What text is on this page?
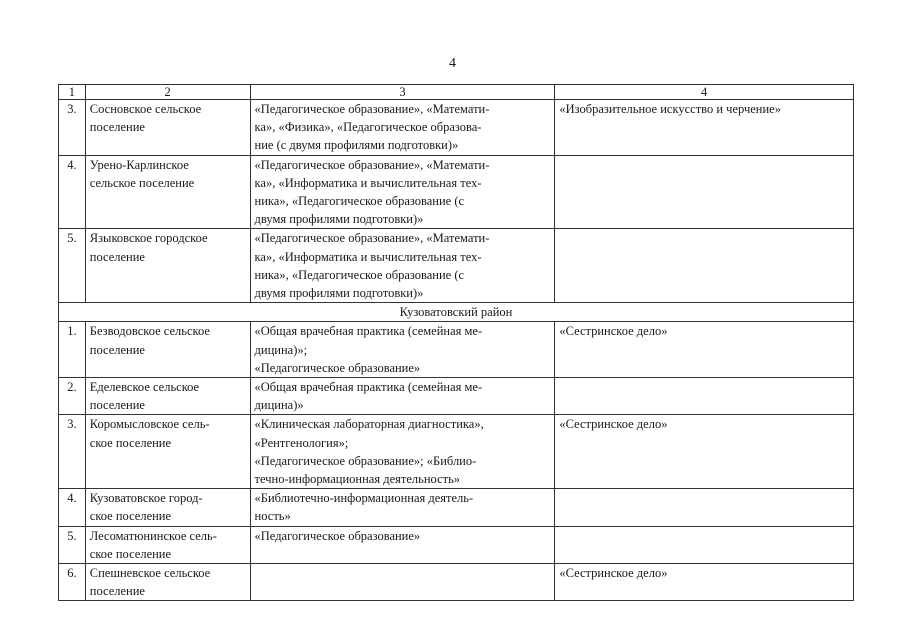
4
1	2	3	4
3.	Сосновское сельское
поселение	«Педагогическое образование», «Математи-
ка», «Физика», «Педагогическое образова-
ние (с двумя профилями подготовки)»	«Изобразительное искусство и черчение»

4.	Урено-Карлинское
сельское поселение	«Педагогическое образование», «Математи-
ка», «Информатика и вычислительная тех-
ника», «Педагогическое образование (с
двумя профилями подготовки)»	

5.	Языковское городское
поселение	«Педагогическое образование», «Математи-
ка», «Информатика и вычислительная тех-
ника», «Педагогическое образование (с
двумя профилями подготовки)»	

Кузоватовский район			
1.	Безводовское сельское
поселение	«Общая врачебная практика (семейная ме-
дицина)»;
«Педагогическое образование»	«Сестринское дело»

2.	Еделевское сельское
поселение	«Общая врачебная практика (семейная ме-
дицина)»	

3.	Коромысловское сель-
ское поселение	«Клиническая лабораторная диагностика»,
«Рентгенология»;
«Педагогическое образование»; «Библио-
течно-информационная деятельность»	«Сестринское дело»

4.	Кузоватовское город-
ское поселение	«Библиотечно-информационная деятель-
ность»	

5.	Лесоматюнинское сель-
ское поселение	«Педагогическое образование»	

6.	Спешневское сельское
поселение		«Сестринское дело»
